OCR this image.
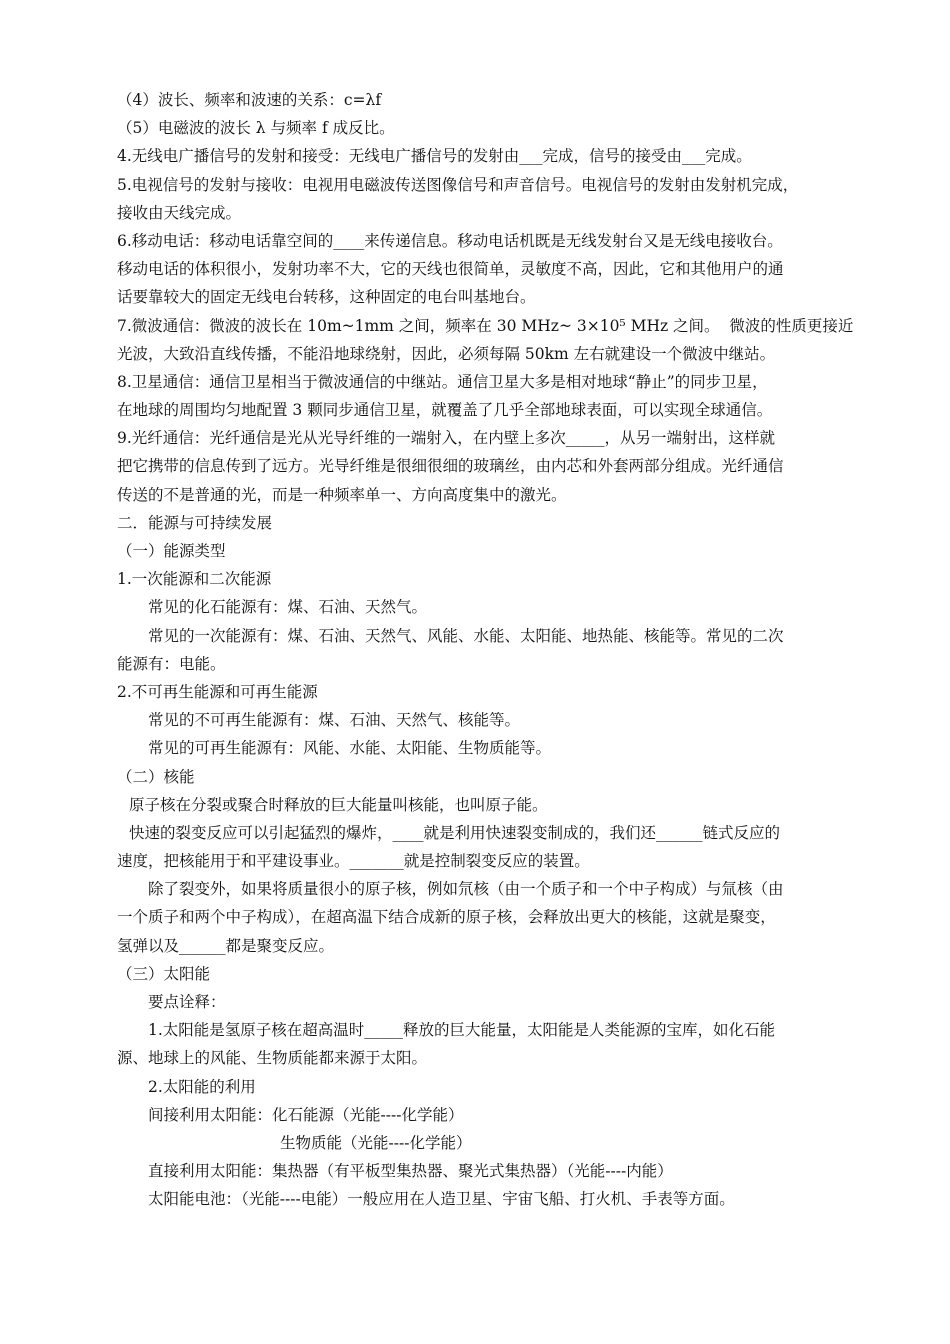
（4）波长、频率和波速的关系：c=λf
（5）电磁波的波长 λ 与频率 f 成反比。
4.无线电广播信号的发射和接受：无线电广播信号的发射由___完成，信号的接受由___完成。
5.电视信号的发射与接收：电视用电磁波传送图像信号和声音信号。电视信号的发射由发射机完成，
接收由天线完成。
6.移动电话：移动电话靠空间的____来传递信息。移动电话机既是无线发射台又是无线电接收台。
移动电话的体积很小，发射功率不大，它的天线也很简单，灵敏度不高，因此，它和其他用户的通
话要靠较大的固定无线电台转移，这种固定的电台叫基地台。
7.微波通信：微波的波长在 10m~1mm 之间，频率在 30 MHz~ 3×10⁵ MHz 之间。  微波的性质更接近
光波，大致沿直线传播，不能沿地球绕射，因此，必须每隔 50km 左右就建设一个微波中继站。
8.卫星通信：通信卫星相当于微波通信的中继站。通信卫星大多是相对地球“静止”的同步卫星，
在地球的周围均匀地配置 3 颗同步通信卫星，就覆盖了几乎全部地球表面，可以实现全球通信。
9.光纤通信：光纤通信是光从光导纤维的一端射入，在内壁上多次_____，从另一端射出，这样就
把它携带的信息传到了远方。光导纤维是很细很细的玻璃丝，由内芯和外套两部分组成。光纤通信
传送的不是普通的光，而是一种频率单一、方向高度集中的激光。
二．能源与可持续发展
（一）能源类型
1.一次能源和二次能源
常见的化石能源有：煤、石油、天然气。
常见的一次能源有：煤、石油、天然气、风能、水能、太阳能、地热能、核能等。常见的二次
能源有：电能。
2.不可再生能源和可再生能源
常见的不可再生能源有：煤、石油、天然气、核能等。
常见的可再生能源有：风能、水能、太阳能、生物质能等。
（二）核能
原子核在分裂或聚合时释放的巨大能量叫核能，也叫原子能。
快速的裂变反应可以引起猛烈的爆炸，____就是利用快速裂变制成的，我们还______链式反应的
速度，把核能用于和平建设事业。_______就是控制裂变反应的装置。
除了裂变外，如果将质量很小的原子核，例如氘核（由一个质子和一个中子构成）与氚核（由
一个质子和两个中子构成），在超高温下结合成新的原子核，会释放出更大的核能，这就是聚变，
氢弹以及______都是聚变反应。
（三）太阳能
要点诠释：
1.太阳能是氢原子核在超高温时_____释放的巨大能量，太阳能是人类能源的宝库，如化石能
源、地球上的风能、生物质能都来源于太阳。
2.太阳能的利用
间接利用太阳能：化石能源（光能----化学能）
生物质能（光能----化学能）
直接利用太阳能：集热器（有平板型集热器、聚光式集热器）（光能----内能）
太阳能电池：（光能----电能）一般应用在人造卫星、宇宙飞船、打火机、手表等方面。
